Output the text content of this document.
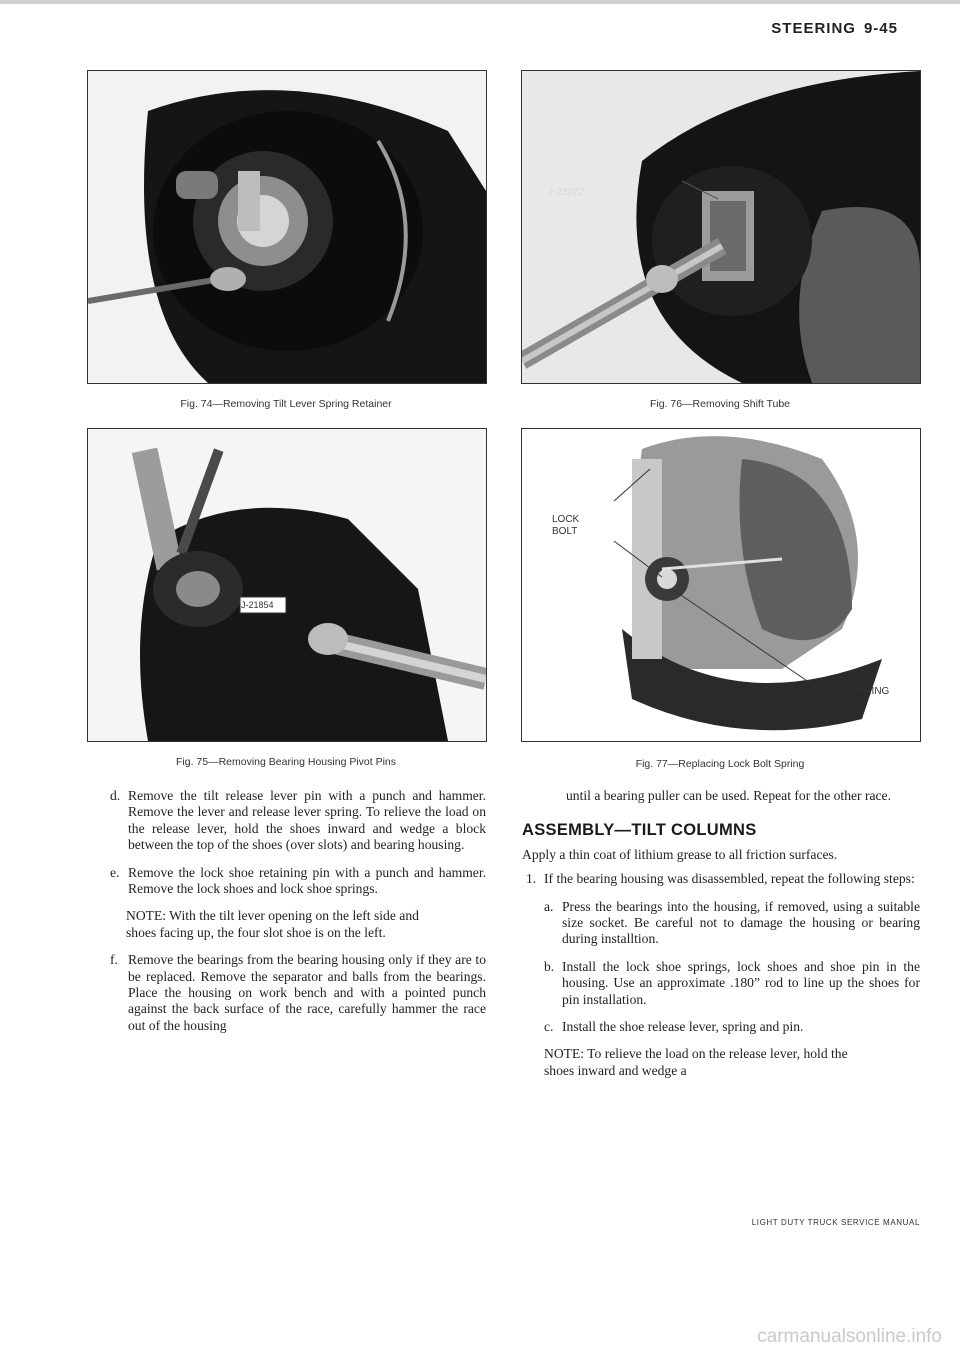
STEERING 9-45
Fig. 74—Removing Tilt Lever Spring Retainer
J-23072
Fig. 76—Removing Shift Tube
J-21854
Fig. 75—Removing Bearing Housing Pivot Pins
LOCK
BOLT
SPRING
Fig. 77—Replacing Lock Bolt Spring
d. Remove the tilt release lever pin with a punch and hammer. Remove the lever and release lever spring. To relieve the load on the release lever, hold the shoes inward and wedge a block between the top of the shoes (over slots) and bearing housing.
e. Remove the lock shoe retaining pin with a punch and hammer. Remove the lock shoes and lock shoe springs.
NOTE: With the tilt lever opening on the left side and shoes facing up, the four slot shoe is on the left.
f. Remove the bearings from the bearing housing only if they are to be replaced. Remove the separator and balls from the bearings. Place the housing on work bench and with a pointed punch against the back surface of the race, carefully hammer the race out of the housing
until a bearing puller can be used. Repeat for the other race.
ASSEMBLY—TILT COLUMNS
Apply a thin coat of lithium grease to all friction surfaces.
1. If the bearing housing was disassembled, repeat the following steps:
a. Press the bearings into the housing, if removed, using a suitable size socket. Be careful not to damage the housing or bearing during installtion.
b. Install the lock shoe springs, lock shoes and shoe pin in the housing. Use an approximate .180” rod to line up the shoes for pin installation.
c. Install the shoe release lever, spring and pin.
NOTE: To relieve the load on the release lever, hold the shoes inward and wedge a
LIGHT DUTY TRUCK SERVICE MANUAL
carmanualsonline.info
